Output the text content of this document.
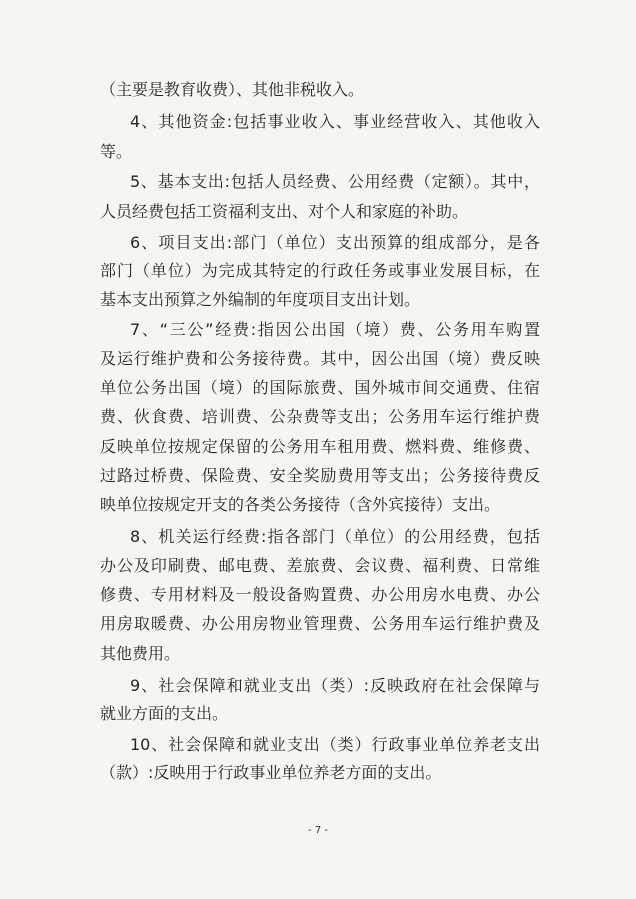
（主要是教育收费）、其他非税收入。
4、其他资金:包括事业收入、事业经营收入、其他收入
等。
5、基本支出:包括人员经费、公用经费（定额）。其中，
人员经费包括工资福利支出、对个人和家庭的补助。
6、项目支出:部门（单位）支出预算的组成部分，是各
部门（单位）为完成其特定的行政任务或事业发展目标，在
基本支出预算之外编制的年度项目支出计划。
7、“三公”经费:指因公出国（境）费、公务用车购置
及运行维护费和公务接待费。其中，因公出国（境）费反映
单位公务出国（境）的国际旅费、国外城市间交通费、住宿
费、伙食费、培训费、公杂费等支出；公务用车运行维护费
反映单位按规定保留的公务用车租用费、燃料费、维修费、
过路过桥费、保险费、安全奖励费用等支出；公务接待费反
映单位按规定开支的各类公务接待（含外宾接待）支出。
8、机关运行经费:指各部门（单位）的公用经费，包括
办公及印刷费、邮电费、差旅费、会议费、福利费、日常维
修费、专用材料及一般设备购置费、办公用房水电费、办公
用房取暖费、办公用房物业管理费、公务用车运行维护费及
其他费用。
9、社会保障和就业支出（类）:反映政府在社会保障与
就业方面的支出。
10、社会保障和就业支出（类）行政事业单位养老支出
（款）:反映用于行政事业单位养老方面的支出。
- 7 -
